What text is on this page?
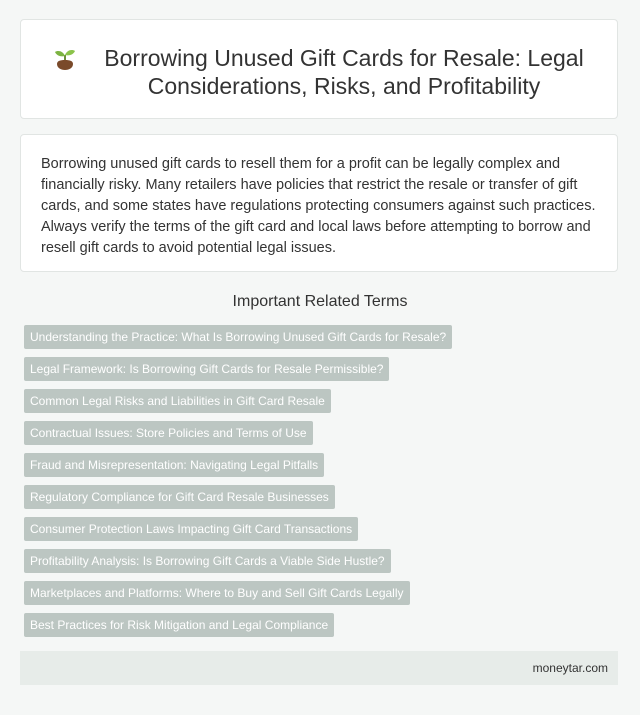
Borrowing Unused Gift Cards for Resale: Legal Considerations, Risks, and Profitability

Borrowing unused gift cards to resell them for a profit can be legally complex and financially risky. Many retailers have policies that restrict the resale or transfer of gift cards, and some states have regulations protecting consumers against such practices. Always verify the terms of the gift card and local laws before attempting to borrow and resell gift cards to avoid potential legal issues.

Important Related Terms
Understanding the Practice: What Is Borrowing Unused Gift Cards for Resale?
Legal Framework: Is Borrowing Gift Cards for Resale Permissible?
Common Legal Risks and Liabilities in Gift Card Resale
Contractual Issues: Store Policies and Terms of Use
Fraud and Misrepresentation: Navigating Legal Pitfalls
Regulatory Compliance for Gift Card Resale Businesses
Consumer Protection Laws Impacting Gift Card Transactions
Profitability Analysis: Is Borrowing Gift Cards a Viable Side Hustle?
Marketplaces and Platforms: Where to Buy and Sell Gift Cards Legally
Best Practices for Risk Mitigation and Legal Compliance
moneytar.com
